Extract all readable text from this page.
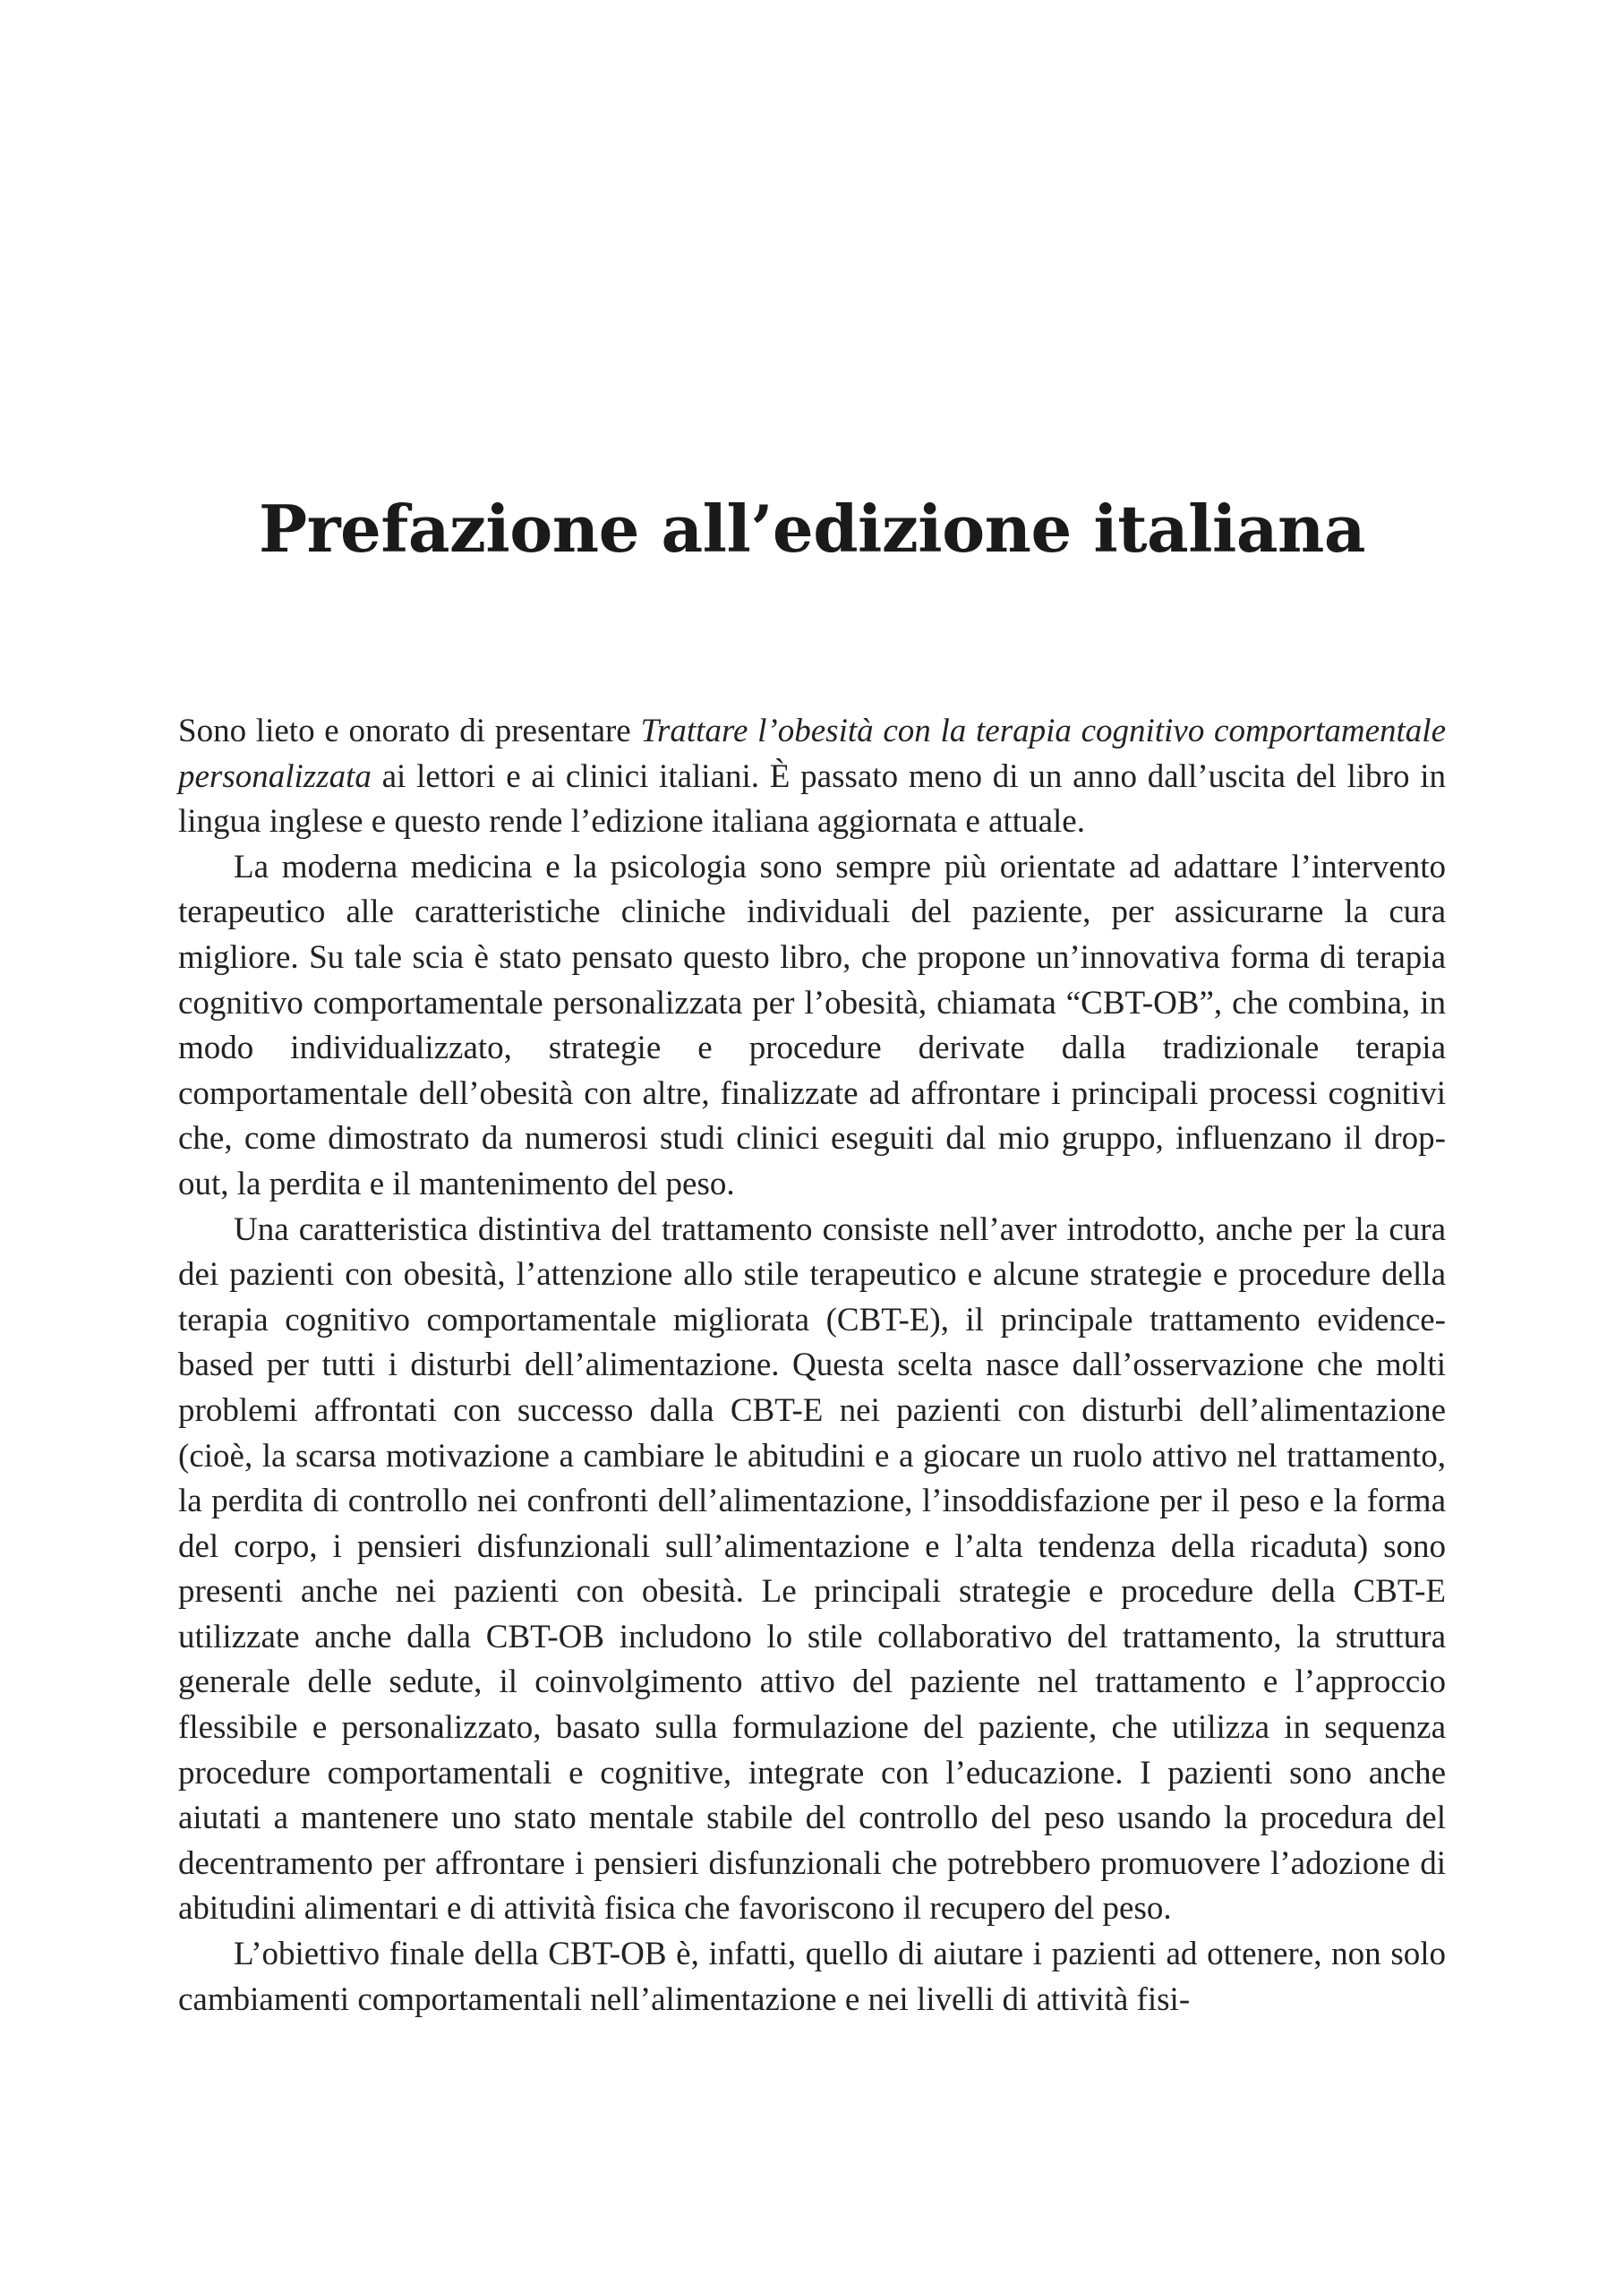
Prefazione all’edizione italiana

Sono lieto e onorato di presentare Trattare l’obesità con la terapia cognitivo comportamentale personalizzata ai lettori e ai clinici italiani. È passato meno di un anno dall’uscita del libro in lingua inglese e questo rende l’edizione italiana aggiornata e attuale.

La moderna medicina e la psicologia sono sempre più orientate ad adattare l’intervento terapeutico alle caratteristiche cliniche individuali del paziente, per assicurarne la cura migliore. Su tale scia è stato pensato questo libro, che propone un’innovativa forma di terapia cognitivo comportamentale personalizzata per l’obesità, chiamata “CBT-OB”, che combina, in modo individualizzato, strategie e procedure derivate dalla tradizionale terapia comportamentale dell’obesità con altre, finalizzate ad affrontare i principali processi cognitivi che, come dimostrato da numerosi studi clinici eseguiti dal mio gruppo, influenzano il drop-out, la perdita e il mantenimento del peso.

Una caratteristica distintiva del trattamento consiste nell’aver introdotto, anche per la cura dei pazienti con obesità, l’attenzione allo stile terapeutico e alcune strategie e procedure della terapia cognitivo comportamentale migliorata (CBT-E), il principale trattamento evidence-based per tutti i disturbi dell’alimentazione. Questa scelta nasce dall’osservazione che molti problemi affrontati con successo dalla CBT-E nei pazienti con disturbi dell’alimentazione (cioè, la scarsa motivazione a cambiare le abitudini e a giocare un ruolo attivo nel trattamento, la perdita di controllo nei confronti dell’alimentazione, l’insoddisfazione per il peso e la forma del corpo, i pensieri disfunzionali sull’alimentazione e l’alta tendenza della ricaduta) sono presenti anche nei pazienti con obesità. Le principali strategie e procedure della CBT-E utilizzate anche dalla CBT-OB includono lo stile collaborativo del trattamento, la struttura generale delle sedute, il coinvolgimento attivo del paziente nel trattamento e l’approccio flessibile e personalizzato, basato sulla formulazione del paziente, che utilizza in sequenza procedure comportamentali e cognitive, integrate con l’educazione. I pazienti sono anche aiutati a mantenere uno stato mentale stabile del controllo del peso usando la procedura del decentramento per affrontare i pensieri disfunzionali che potrebbero promuovere l’adozione di abitudini alimentari e di attività fisica che favoriscono il recupero del peso.

L’obiettivo finale della CBT-OB è, infatti, quello di aiutare i pazienti ad ottenere, non solo cambiamenti comportamentali nell’alimentazione e nei livelli di attività fisi-
